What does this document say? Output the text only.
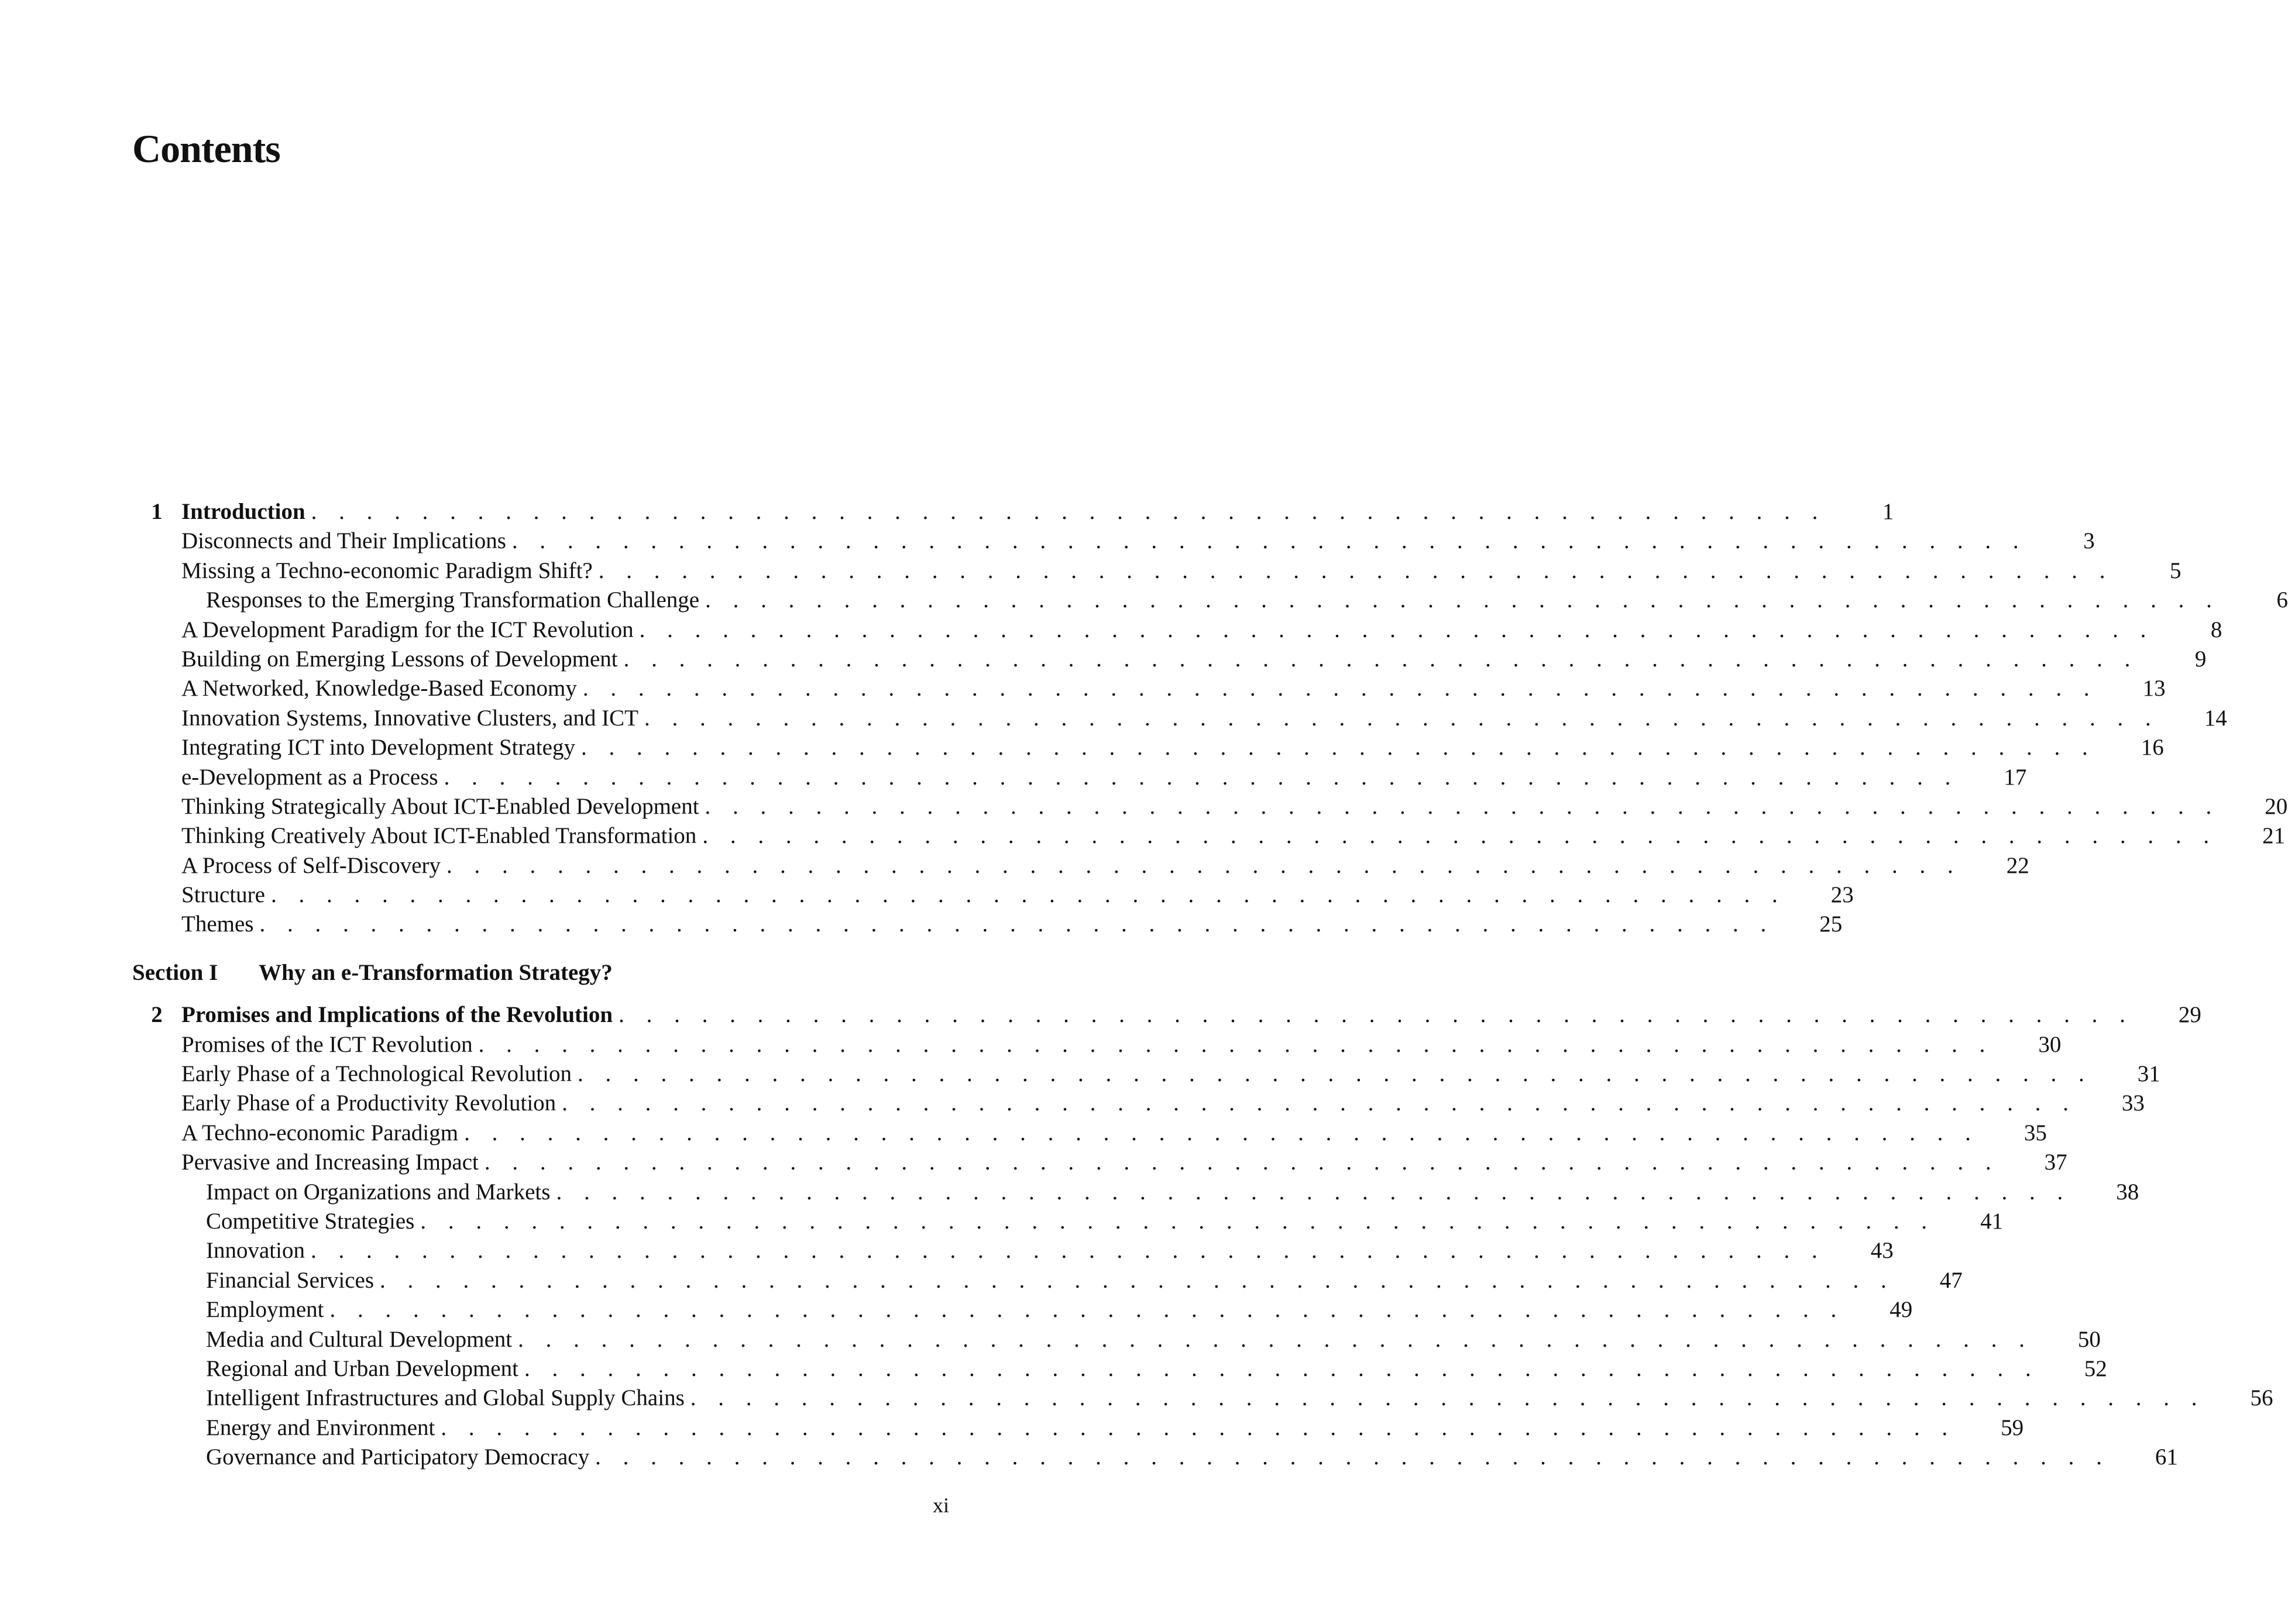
Contents
1 Introduction . . . . . . . . . . . . . . . . . . . . . . . . . . . . . . . . . . . . . . . . . . . . . . . . . . . . . . .	1
Disconnects and Their Implications . . . . . . . . . . . . . . . . . . . . . . . . . . . . . . . . . . . . . . . . . . . . . . . . . . . . . . .	3
Missing a Techno-economic Paradigm Shift? . . . . . . . . . . . . . . . . . . . . . . . . . . . . . . . . . . . . . . . . . . . . . . . . . . . . . . .	5
Responses to the Emerging Transformation Challenge . . . . . . . . . . . . . . . . . . . . . . . . . . . . . . . . . . . . . . . . . . . . . . . . . . . . . . .	6
A Development Paradigm for the ICT Revolution . . . . . . . . . . . . . . . . . . . . . . . . . . . . . . . . . . . . . . . . . . . . . . . . . . . . . . .	8
Building on Emerging Lessons of Development . . . . . . . . . . . . . . . . . . . . . . . . . . . . . . . . . . . . . . . . . . . . . . . . . . . . . . .	9
A Networked, Knowledge-Based Economy . . . . . . . . . . . . . . . . . . . . . . . . . . . . . . . . . . . . . . . . . . . . . . . . . . . . . . .	13
Innovation Systems, Innovative Clusters, and ICT . . . . . . . . . . . . . . . . . . . . . . . . . . . . . . . . . . . . . . . . . . . . . . . . . . . . . . .	14
Integrating ICT into Development Strategy . . . . . . . . . . . . . . . . . . . . . . . . . . . . . . . . . . . . . . . . . . . . . . . . . . . . . . .	16
e-Development as a Process . . . . . . . . . . . . . . . . . . . . . . . . . . . . . . . . . . . . . . . . . . . . . . . . . . . . . . .	17
Thinking Strategically About ICT-Enabled Development . . . . . . . . . . . . . . . . . . . . . . . . . . . . . . . . . . . . . . . . . . . . . . . . . . . . . . .	20
Thinking Creatively About ICT-Enabled Transformation . . . . . . . . . . . . . . . . . . . . . . . . . . . . . . . . . . . . . . . . . . . . . . . . . . . . . . .	21
A Process of Self-Discovery . . . . . . . . . . . . . . . . . . . . . . . . . . . . . . . . . . . . . . . . . . . . . . . . . . . . . . .	22
Structure . . . . . . . . . . . . . . . . . . . . . . . . . . . . . . . . . . . . . . . . . . . . . . . . . . . . . . .	23
Themes . . . . . . . . . . . . . . . . . . . . . . . . . . . . . . . . . . . . . . . . . . . . . . . . . . . . . . .	25
Section I	Why an e-Transformation Strategy?
2 Promises and Implications of the Revolution . . . . . . . . . . . . . . . . . . . . . . . . . . . . . . . . . . . . . . . . . . . . . . . . . . . . . . .	29
Promises of the ICT Revolution . . . . . . . . . . . . . . . . . . . . . . . . . . . . . . . . . . . . . . . . . . . . . . . . . . . . . . .	30
Early Phase of a Technological Revolution . . . . . . . . . . . . . . . . . . . . . . . . . . . . . . . . . . . . . . . . . . . . . . . . . . . . . . .	31
Early Phase of a Productivity Revolution . . . . . . . . . . . . . . . . . . . . . . . . . . . . . . . . . . . . . . . . . . . . . . . . . . . . . . .	33
A Techno-economic Paradigm . . . . . . . . . . . . . . . . . . . . . . . . . . . . . . . . . . . . . . . . . . . . . . . . . . . . . . .	35
Pervasive and Increasing Impact . . . . . . . . . . . . . . . . . . . . . . . . . . . . . . . . . . . . . . . . . . . . . . . . . . . . . . .	37
Impact on Organizations and Markets . . . . . . . . . . . . . . . . . . . . . . . . . . . . . . . . . . . . . . . . . . . . . . . . . . . . . . .	38
Competitive Strategies . . . . . . . . . . . . . . . . . . . . . . . . . . . . . . . . . . . . . . . . . . . . . . . . . . . . . . .	41
Innovation . . . . . . . . . . . . . . . . . . . . . . . . . . . . . . . . . . . . . . . . . . . . . . . . . . . . . . .	43
Financial Services . . . . . . . . . . . . . . . . . . . . . . . . . . . . . . . . . . . . . . . . . . . . . . . . . . . . . . .	47
Employment . . . . . . . . . . . . . . . . . . . . . . . . . . . . . . . . . . . . . . . . . . . . . . . . . . . . . . .	49
Media and Cultural Development . . . . . . . . . . . . . . . . . . . . . . . . . . . . . . . . . . . . . . . . . . . . . . . . . . . . . . .	50
Regional and Urban Development . . . . . . . . . . . . . . . . . . . . . . . . . . . . . . . . . . . . . . . . . . . . . . . . . . . . . . .	52
Intelligent Infrastructures and Global Supply Chains . . . . . . . . . . . . . . . . . . . . . . . . . . . . . . . . . . . . . . . . . . . . . . . . . . . . . . .	56
Energy and Environment . . . . . . . . . . . . . . . . . . . . . . . . . . . . . . . . . . . . . . . . . . . . . . . . . . . . . . .	59
Governance and Participatory Democracy . . . . . . . . . . . . . . . . . . . . . . . . . . . . . . . . . . . . . . . . . . . . . . . . . . . . . . .	61
xi
